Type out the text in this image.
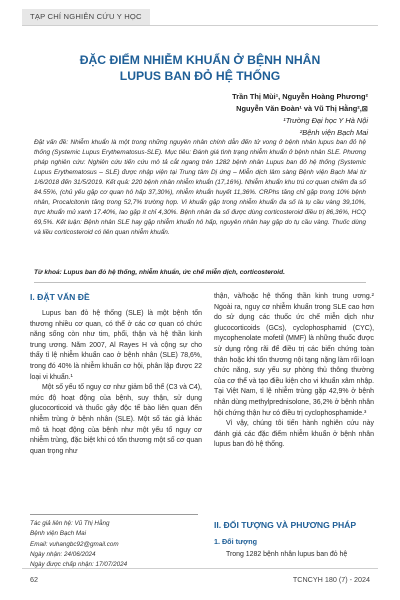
TẠP CHÍ NGHIÊN CỨU Y HỌC
ĐẶC ĐIỂM NHIỄM KHUẨN Ở BỆNH NHÂN
LUPUS BAN ĐỎ HỆ THỐNG
Trần Thị Mùi¹, Nguyễn Hoàng Phương²
Nguyễn Văn Đoàn¹ và Vũ Thị Hằng²,⊠
¹Trường Đại học Y Hà Nội
²Bệnh viện Bạch Mai
Đặt vấn đề: Nhiễm khuẩn là một trong những nguyên nhân chính dẫn đến tử vong ở bệnh nhân lupus ban đỏ hệ thống (Systemic Lupus Erythematosus-SLE). Mục tiêu: Đánh giá tình trạng nhiễm khuẩn ở bệnh nhân SLE. Phương pháp nghiên cứu: Nghiên cứu tiến cứu mô tả cắt ngang trên 1282 bệnh nhân Lupus ban đỏ hệ thống (Systemic Lupus Erythematosus – SLE) được nhập viện tại Trung tâm Dị ứng – Miễn dịch lâm sàng Bệnh viện Bạch Mai từ 1/6/2018 đến 31/5/2019. Kết quả: 220 bệnh nhân nhiễm khuẩn (17,16%). Nhiễm khuẩn khu trú cơ quan chiếm đa số 84.55%, (chủ yếu gặp cơ quan hô hấp 37,30%), nhiễm khuẩn huyết 11,36%. CRPhs tăng chỉ gặp trong 10% bệnh nhân, Procalcitonin tăng trong 52,7% trường hợp. Vi khuẩn gặp trong nhiễm khuẩn đa số là tụ cầu vàng 39,10%, trực khuẩn mủ xanh 17.40%, lao gặp ít chỉ 4,30%. Bệnh nhân đa số được dùng corticosteroid điều trị 86,36%, HCQ 69,5%. Kết luận: Bệnh nhân SLE hay gặp nhiễm khuẩn hô hấp, nguyên nhân hay gặp do tụ cầu vàng. Thuốc dùng và liều corticosteroid có liên quan nhiễm khuẩn.
Từ khoá: Lupus ban đỏ hệ thống, nhiễm khuẩn, ức chế miễn dịch, corticosteroid.
I. ĐẶT VẤN ĐỀ

Lupus ban đỏ hệ thống (SLE) là một bệnh tổn thương nhiều cơ quan, có thể ở các cơ quan có chức năng sống còn như tim, phổi, thận và hệ thần kinh trung ương. Năm 2007, Al Rayes H và cộng sự cho thấy tỉ lệ nhiễm khuẩn cao ở bệnh nhân (SLE) 78,6%, trong đó 40% là nhiễm khuẩn cơ hội, phân lập được 22 loại vi khuẩn.¹

Một số yếu tố nguy cơ như giảm bổ thể (C3 và C4), mức độ hoạt động của bệnh, suy thận, sử dụng glucocorticoid và thuốc gây độc tế bào liên quan đến nhiễm trùng ở bệnh nhân (SLE). Một số tác giả khác mô tả hoạt động của bệnh như một yếu tố nguy cơ nhiễm trùng, đặc biệt khi có tổn thương một số cơ quan quan trọng như

Tác giả liên hệ: Vũ Thị Hằng
Bệnh viện Bạch Mai
Email: vuhangbc92@gmail.com
Ngày nhận: 24/06/2024
Ngày được chấp nhận: 17/07/2024

thận, và/hoặc hệ thống thần kinh trung ương.² Ngoài ra, nguy cơ nhiễm khuẩn trong SLE cao hơn do sử dụng các thuốc ức chế miễn dịch như glucocorticoids (GCs), cyclophosphamid (CYC), mycophenolate mofetil (MMF) là những thuốc được sử dụng rộng rãi để điều trị các biến chứng toàn thân hoặc khi tổn thương nội tạng nặng làm rối loạn chức năng, suy yếu sự phòng thủ thông thường của cơ thể và tạo điều kiện cho vi khuẩn xâm nhập. Tại Việt Nam, tỉ lệ nhiễm trùng gặp 42,9% ở bệnh nhân dùng methylprednisolone, 36,2% ở bệnh nhân hội chứng thận hư có điều trị cyclophosphamide.³

Vì vậy, chúng tôi tiến hành nghiên cứu này đánh giá các đặc điểm nhiễm khuẩn ở bệnh nhân lupus ban đỏ hệ thống.

II. ĐỐI TƯỢNG VÀ PHƯƠNG PHÁP
1. Đối tượng
Trong 1282 bệnh nhân lupus ban đỏ hệ
62	TCNCYH 180 (7) - 2024
